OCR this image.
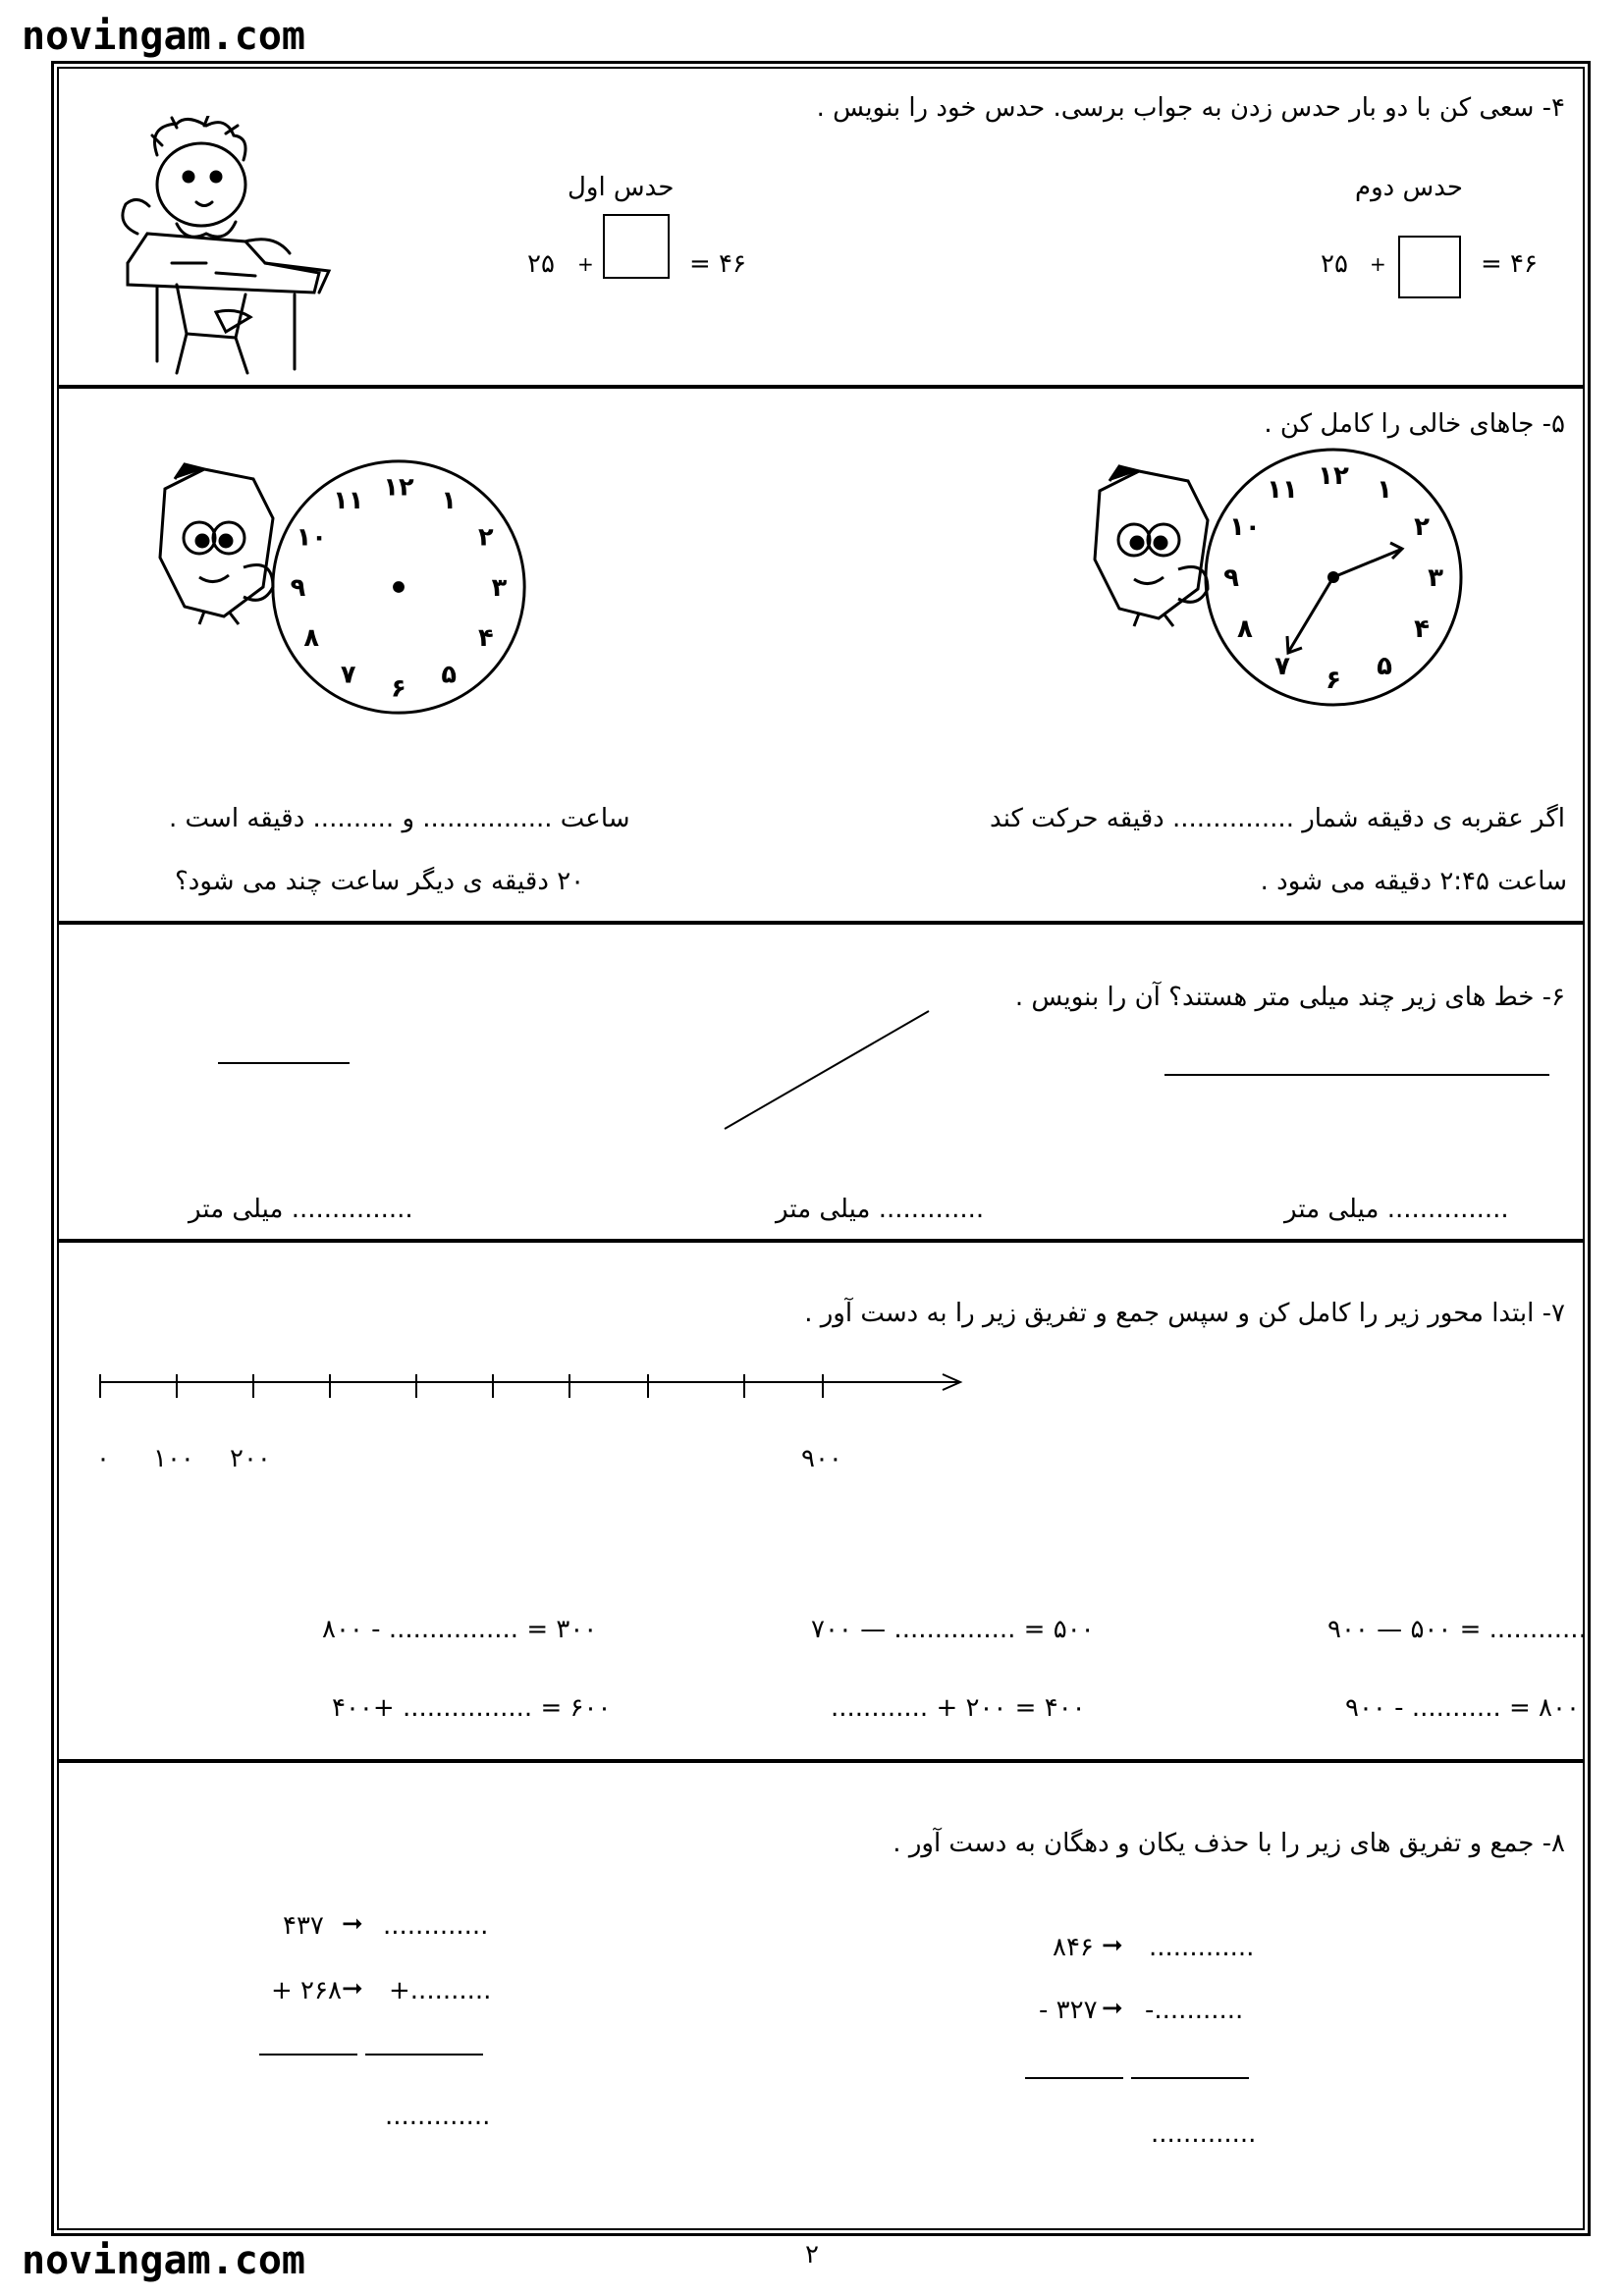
novingam.com
novingam.com	۲
۴- سعی کن با دو بار حدس زدن به جواب برسی. حدس خود را بنویس .
حدس دوم
حدس اول
۲۵ +	= ۴۶
۲۵ +	= ۴۶
۵- جاهای خالی را کامل کن .
۱
۲
۳
۴
۵
۶
۷
۸
۹
۱۰
۱۱ ۱۲
۱
۲
۳
۴
۵
۶
۷
۸
۹
۱۰
۱۱ ۱۲
اگر عقربه ی دقیقه شمار ............... دقیقه حرکت کند
ساعت ۲:۴۵ دقیقه می شود .
ساعت ................ و .......... دقیقه است .
۲۰ دقیقه ی دیگر ساعت چند می شود؟
۶- خط های زیر چند میلی متر هستند؟ آن را بنویس .
............... میلی متر
............. میلی متر
............... میلی متر
۷- ابتدا محور زیر را کامل کن و سپس جمع و تفریق زیر را به دست آور .
۰ ۱۰۰ ۲۰۰	۹۰۰
............ = ۵۰۰ — ۹۰۰
۸۰۰ = ........... - ۹۰۰
۵۰۰ = ............... — ۷۰۰
۴۰۰ = ۲۰۰ + ............
۳۰۰ = ................ - ۸۰۰
۶۰۰ = ................ +۴۰۰
۸- جمع و تفریق های زیر را با حذف یکان و دهگان به دست آور .
۸۴۶ ➞ .............
- ۳۲۷ ➞ -...........
.............
۴۳۷ ➞ .............
+ ۲۶۸ ➞ +..........
.............
